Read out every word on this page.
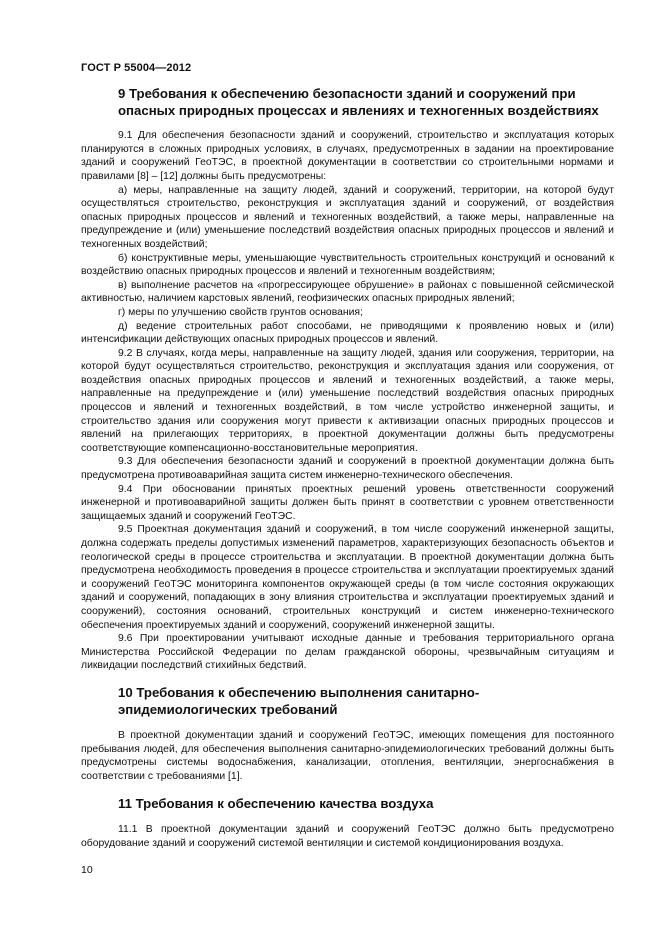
ГОСТ Р 55004—2012
9 Требования к обеспечению безопасности зданий и сооружений при
опасных природных процессах и явлениях и техногенных воздействиях

9.1 Для обеспечения безопасности зданий и сооружений, строительство и эксплуатация которых планируются в сложных природных условиях, в случаях, предусмотренных в задании на проектирование зданий и сооружений ГеоТЭС, в проектной документации в соответствии со строительными нормами и правилами [8] – [12] должны быть предусмотрены:

а) меры, направленные на защиту людей, зданий и сооружений, территории, на которой будут осуществляться строительство, реконструкция и эксплуатация зданий и сооружений, от воздействия опасных природных процессов и явлений и техногенных воздействий, а также меры, направленные на предупреждение и (или) уменьшение последствий воздействия опасных природных процессов и явлений и техногенных воздействий;

б) конструктивные меры, уменьшающие чувствительность строительных конструкций и оснований к воздействию опасных природных процессов и явлений и техногенным воздействиям;

в) выполнение расчетов на «прогрессирующее обрушение» в районах с повышенной сейсмической активностью, наличием карстовых явлений, геофизических опасных природных явлений;

г) меры по улучшению свойств грунтов основания;

д) ведение строительных работ способами, не приводящими к проявлению новых и (или) интенсификации действующих опасных природных процессов и явлений.

9.2 В случаях, когда меры, направленные на защиту людей, здания или сооружения, территории, на которой будут осуществляться строительство, реконструкция и эксплуатация здания или сооружения, от воздействия опасных природных процессов и явлений и техногенных воздействий, а также меры, направленные на предупреждение и (или) уменьшение последствий воздействия опасных природных процессов и явлений и техногенных воздействий, в том числе устройство инженерной защиты, и строительство здания или сооружения могут привести к активизации опасных природных процессов и явлений на прилегающих территориях, в проектной документации должны быть предусмотрены соответствующие компенсационно-восстановительные мероприятия.

9.3 Для обеспечения безопасности зданий и сооружений в проектной документации должна быть предусмотрена противоаварийная защита систем инженерно-технического обеспечения.

9.4 При обосновании принятых проектных решений уровень ответственности сооружений инженерной и противоаварийной защиты должен быть принят в соответствии с уровнем ответственности защищаемых зданий и сооружений ГеоТЭС.

9.5 Проектная документация зданий и сооружений, в том числе сооружений инженерной защиты, должна содержать пределы допустимых изменений параметров, характеризующих безопасность объектов и геологической среды в процессе строительства и эксплуатации. В проектной документации должна быть предусмотрена необходимость проведения в процессе строительства и эксплуатации проектируемых зданий и сооружений ГеоТЭС мониторинга компонентов окружающей среды (в том числе состояния окружающих зданий и сооружений, попадающих в зону влияния строительства и эксплуатации проектируемых зданий и сооружений), состояния оснований, строительных конструкций и систем инженерно-технического обеспечения проектируемых зданий и сооружений, сооружений инженерной защиты.

9.6 При проектировании учитывают исходные данные и требования территориального органа Министерства Российской Федерации по делам гражданской обороны, чрезвычайным ситуациям и ликвидации последствий стихийных бедствий.

10 Требования к обеспечению выполнения санитарно-
эпидемиологических требований

В проектной документации зданий и сооружений ГеоТЭС, имеющих помещения для постоянного пребывания людей, для обеспечения выполнения санитарно-эпидемиологических требований должны быть предусмотрены системы водоснабжения, канализации, отопления, вентиляции, энергоснабжения в соответствии с требованиями [1].

11 Требования к обеспечению качества воздуха

11.1 В проектной документации зданий и сооружений ГеоТЭС должно быть предусмотрено оборудование зданий и сооружений системой вентиляции и системой кондиционирования воздуха.

10
